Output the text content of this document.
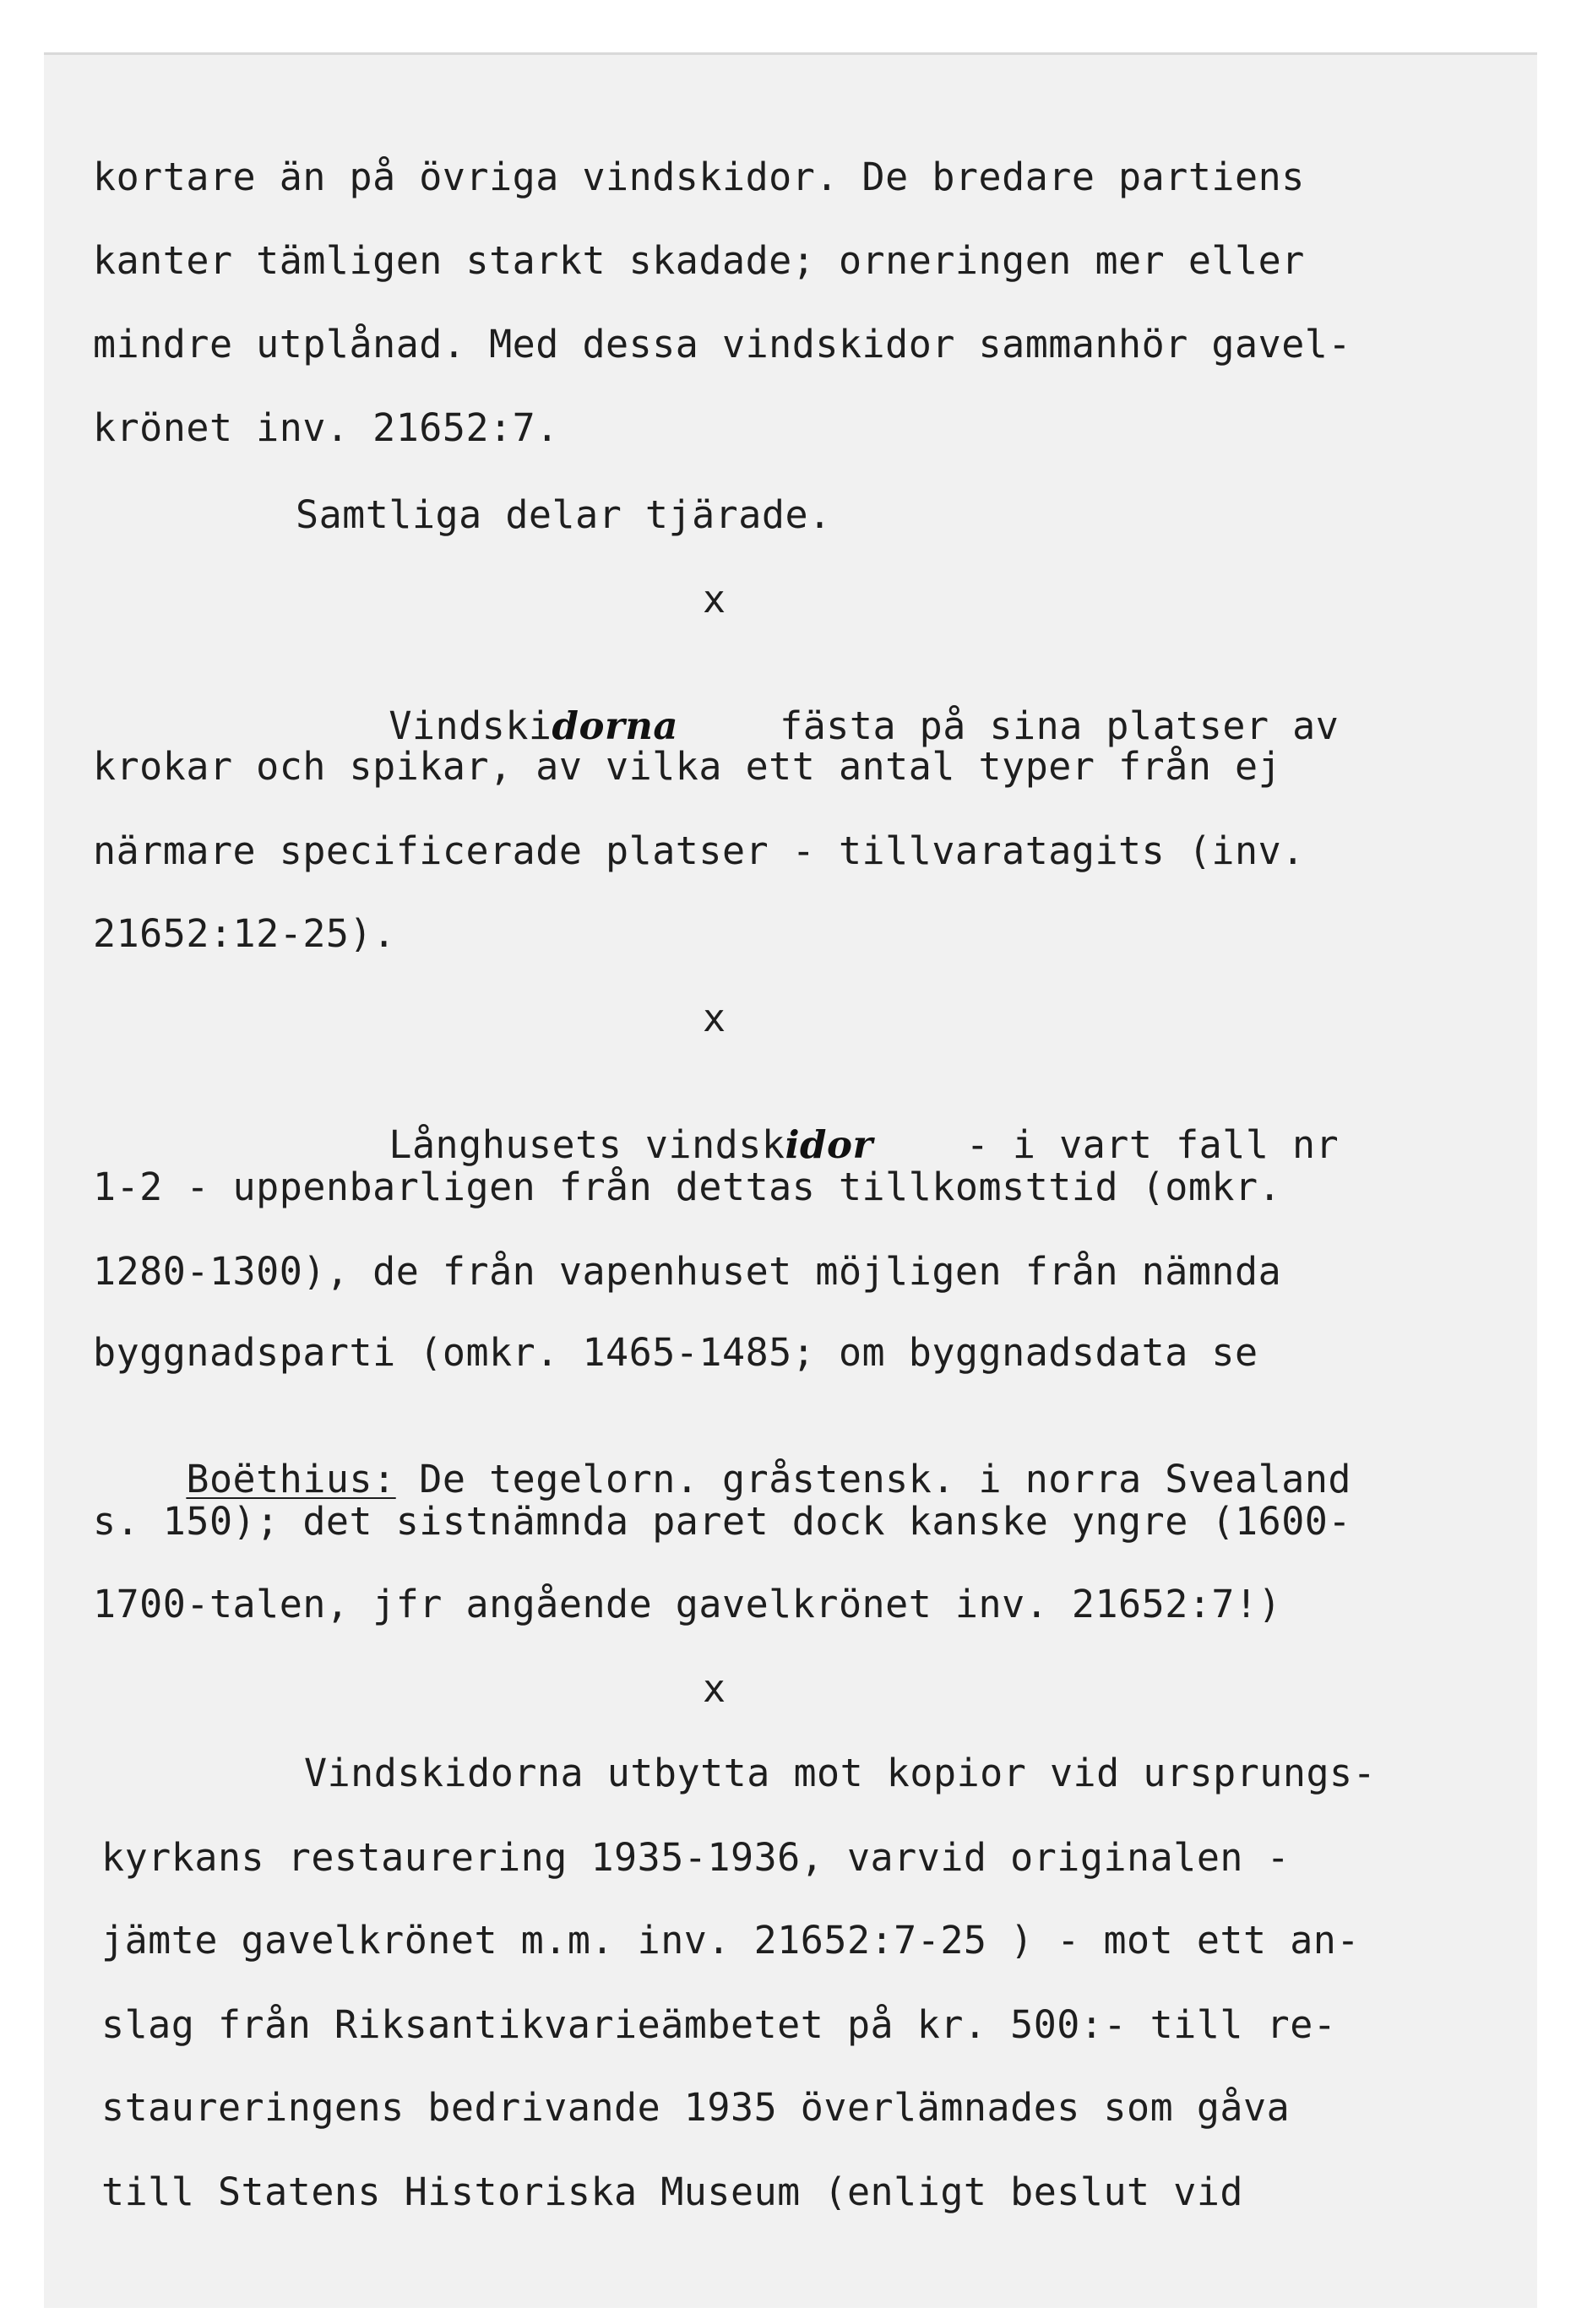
kortare än på övriga vindskidor. De bredare partiens
kanter tämligen starkt skadade; orneringen mer eller
mindre utplånad. Med dessa vindskidor sammanhör gavel-
krönet inv. 21652:7.
Samtliga delar tjärade.
x

Vindskidorna	fästa på sina platser av

krokar och spikar, av vilka ett antal typer från ej
närmare specificerade platser - tillvaratagits (inv.
21652:12-25).
x

Långhusets vindskidor - i vart fall nr

1-2 - uppenbarligen från dettas tillkomsttid (omkr.
1280-1300), de från vapenhuset möjligen från nämnda
byggnadsparti (omkr. 1465-1485; om byggnadsdata se

Boëthius: De tegelorn. gråstensk. i norra Svealand

s. 150); det sistnämnda paret dock kanske yngre (1600-
1700-talen, jfr angående gavelkrönet inv. 21652:7!)
x
Vindskidorna utbytta mot kopior vid ursprungs-
kyrkans restaurering 1935-1936, varvid originalen -
jämte gavelkrönet m.m. inv. 21652:7-25 ) - mot ett an-
slag från Riksantikvarieämbetet på kr. 500:- till re-
staureringens bedrivande 1935 överlämnades som gåva
till Statens Historiska Museum (enligt beslut vid
